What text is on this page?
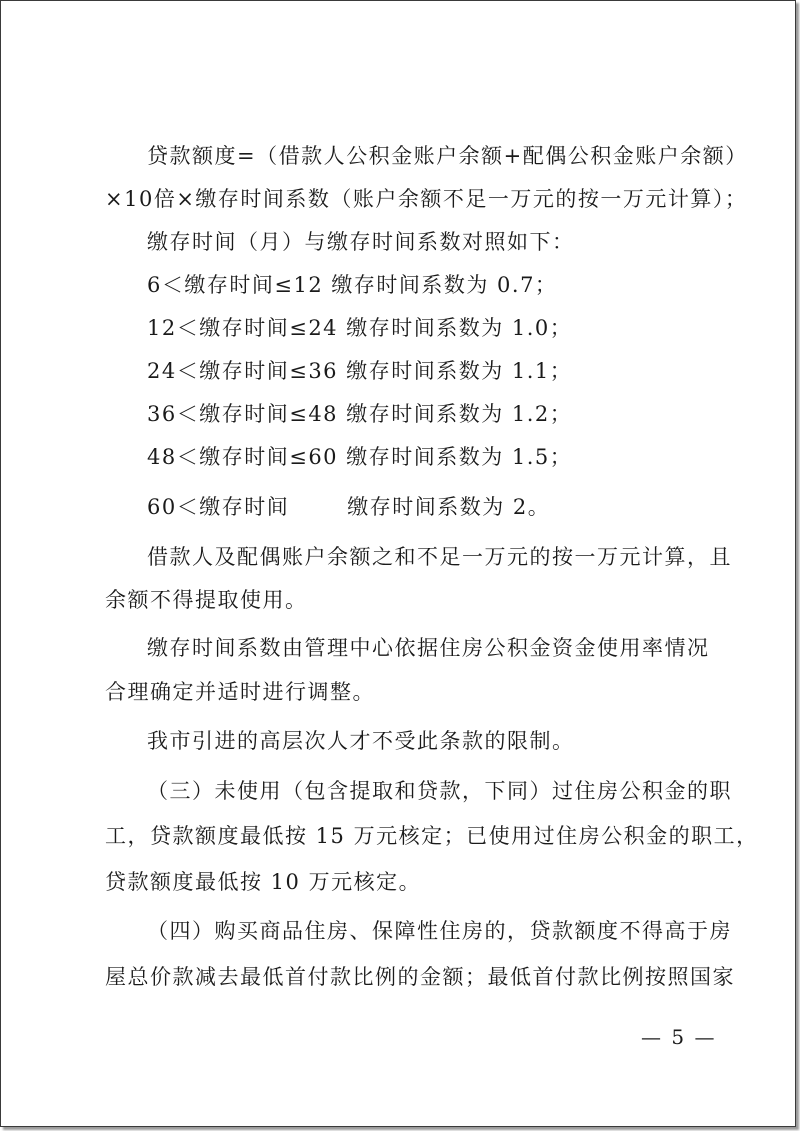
贷款额度=（借款人公积金账户余额+配偶公积金账户余额）
×10倍×缴存时间系数（账户余额不足一万元的按一万元计算）；
缴存时间（月）与缴存时间系数对照如下：
6＜缴存时间≤12 缴存时间系数为 0.7；
12＜缴存时间≤24 缴存时间系数为 1.0；
24＜缴存时间≤36 缴存时间系数为 1.1；
36＜缴存时间≤48 缴存时间系数为 1.2；
48＜缴存时间≤60 缴存时间系数为 1.5；
60＜缴存时间	缴存时间系数为 2。
借款人及配偶账户余额之和不足一万元的按一万元计算，且
余额不得提取使用。
缴存时间系数由管理中心依据住房公积金资金使用率情况
合理确定并适时进行调整。
我市引进的高层次人才不受此条款的限制。
（三）未使用（包含提取和贷款，下同）过住房公积金的职
工，贷款额度最低按 15 万元核定；已使用过住房公积金的职工，
贷款额度最低按 10 万元核定。
（四）购买商品住房、保障性住房的，贷款额度不得高于房
屋总价款减去最低首付款比例的金额；最低首付款比例按照国家
— 5 —
